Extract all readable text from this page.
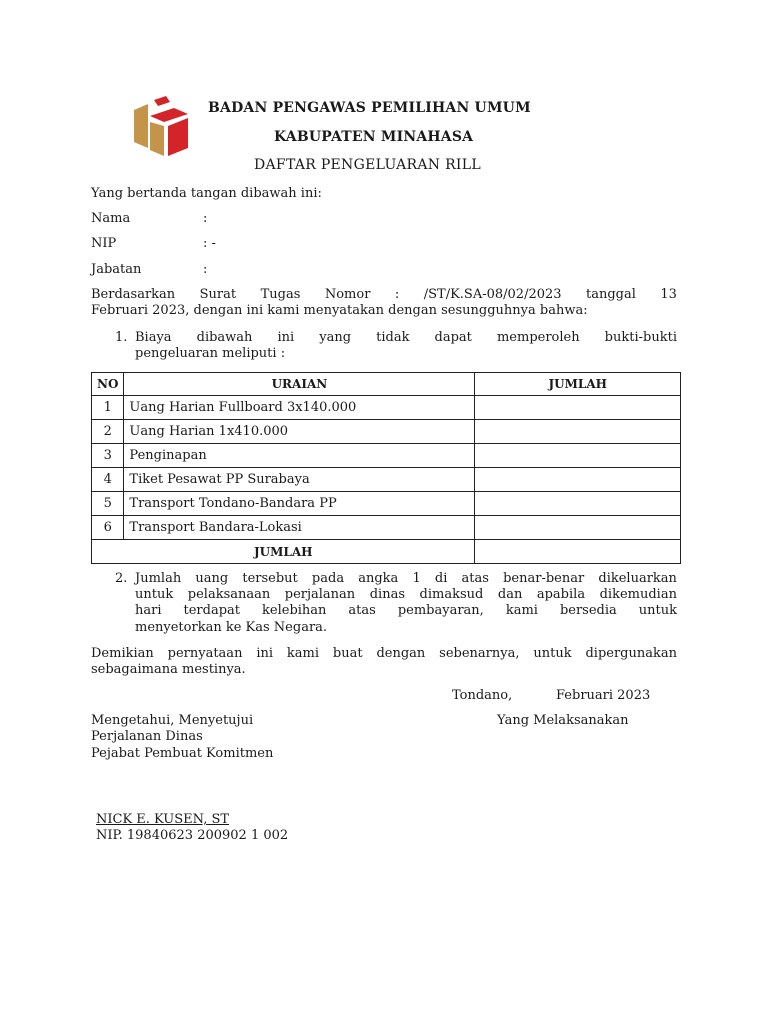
BADAN PENGAWAS PEMILIHAN UMUM
KABUPATEN MINAHASA
DAFTAR PENGELUARAN RILL
Yang bertanda tangan dibawah ini:
Nama	:
NIP	: -
Jabatan	:
Berdasarkan Surat Tugas Nomor : /ST/K.SA-08/02/2023 tanggal 13
Februari 2023, dengan ini kami menyatakan dengan sesungguhnya bahwa:
1. Biaya dibawah ini yang tidak dapat memperoleh bukti-bukti
pengeluaran meliputi :
NO	URAIAN	JUMLAH
1	Uang Harian Fullboard 3x140.000	
2	Uang Harian 1x410.000	
3	Penginapan	
4	Tiket Pesawat PP Surabaya	
5	Transport Tondano-Bandara PP	
6	Transport Bandara-Lokasi	
JUMLAH		
2. Jumlah uang tersebut pada angka 1 di atas benar-benar dikeluarkan
untuk pelaksanaan perjalanan dinas dimaksud dan apabila dikemudian
hari terdapat kelebihan atas pembayaran, kami bersedia untuk
menyetorkan ke Kas Negara.
Demikian pernyataan ini kami buat dengan sebenarnya, untuk dipergunakan
sebagaimana mestinya.
Tondano,	Februari 2023
Mengetahui, Menyetujui	Yang Melaksanakan
Perjalanan Dinas
Pejabat Pembuat Komitmen
NICK E. KUSEN, ST
NIP. 19840623 200902 1 002
